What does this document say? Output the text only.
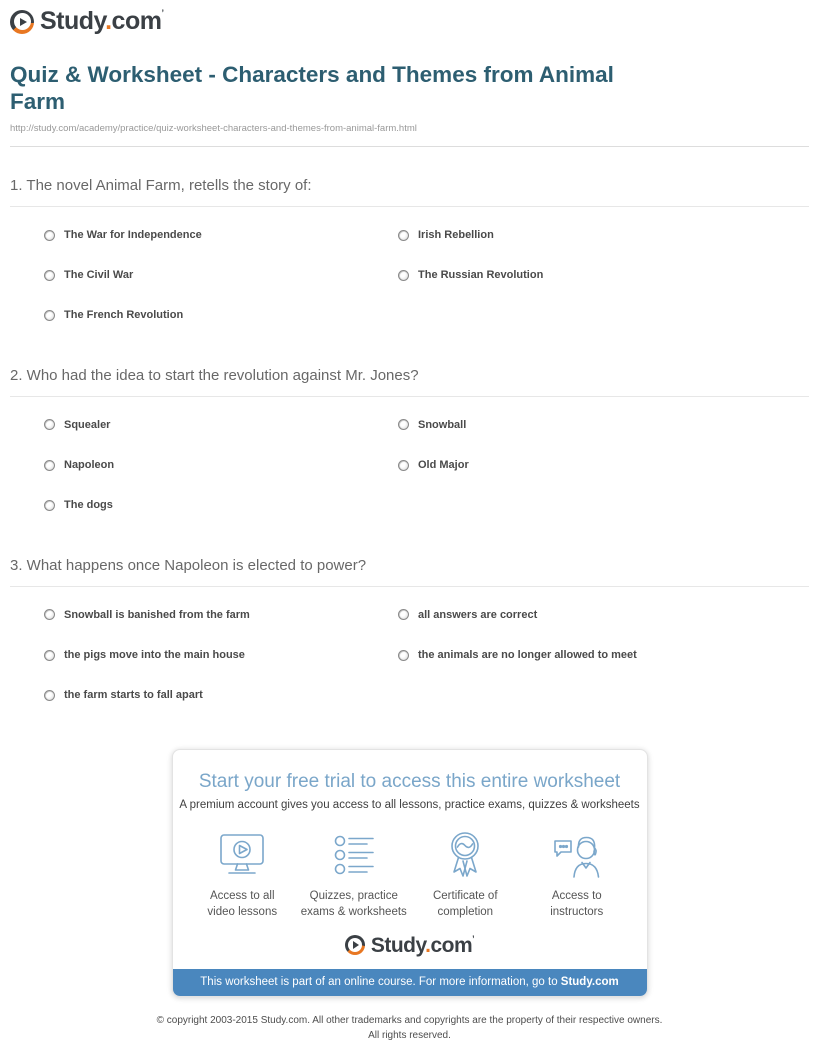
Study.com’
Quiz & Worksheet - Characters and Themes from Animal Farm
http://study.com/academy/practice/quiz-worksheet-characters-and-themes-from-animal-farm.html
1. The novel Animal Farm, retells the story of:
The War for Independence	Irish Rebellion
The Civil War	The Russian Revolution
The French Revolution
2. Who had the idea to start the revolution against Mr. Jones?
Squealer	Snowball
Napoleon	Old Major
The dogs
3. What happens once Napoleon is elected to power?
Snowball is banished from the farm	all answers are correct
the pigs move into the main house	the animals are no longer allowed to meet
the farm starts to fall apart
Start your free trial to access this entire worksheet
A premium account gives you access to all lessons, practice exams, quizzes & worksheets
Access to all
video lessons
Quizzes, practice
exams & worksheets
Certificate of
completion
Access to
instructors
Study.com’
This worksheet is part of an online course. For more information, go to Study.com
© copyright 2003-2015 Study.com. All other trademarks and copyrights are the property of their respective owners.
All rights reserved.
